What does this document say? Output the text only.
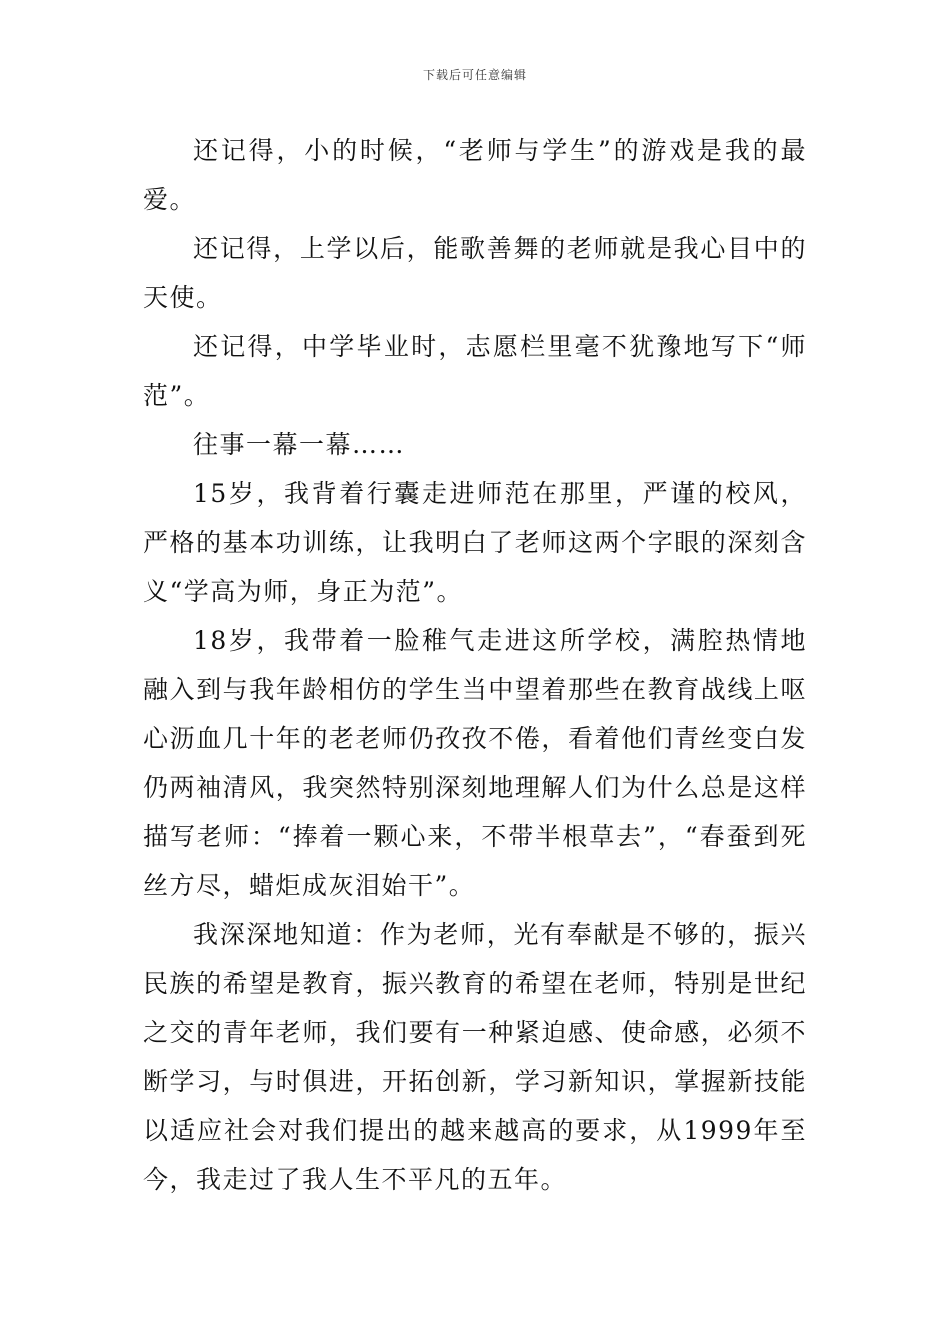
下载后可任意编辑

还记得，小的时候，“老师与学生”的游戏是我的最爱。

还记得，上学以后，能歌善舞的老师就是我心目中的天使。

还记得，中学毕业时，志愿栏里毫不犹豫地写下“师范”。

往事一幕一幕……

15岁，我背着行囊走进师范在那里，严谨的校风，严格的基本功训练，让我明白了老师这两个字眼的深刻含义“学高为师，身正为范”。

18岁，我带着一脸稚气走进这所学校，满腔热情地融入到与我年龄相仿的学生当中望着那些在教育战线上呕心沥血几十年的老老师仍孜孜不倦，看着他们青丝变白发仍两袖清风，我突然特别深刻地理解人们为什么总是这样描写老师：“捧着一颗心来，不带半根草去”，“春蚕到死丝方尽，蜡炬成灰泪始干”。

我深深地知道：作为老师，光有奉献是不够的，振兴民族的希望是教育，振兴教育的希望在老师，特别是世纪之交的青年老师，我们要有一种紧迫感、使命感，必须不断学习，与时俱进，开拓创新，学习新知识，掌握新技能以适应社会对我们提出的越来越高的要求，从1999年至今，我走过了我人生不平凡的五年。
